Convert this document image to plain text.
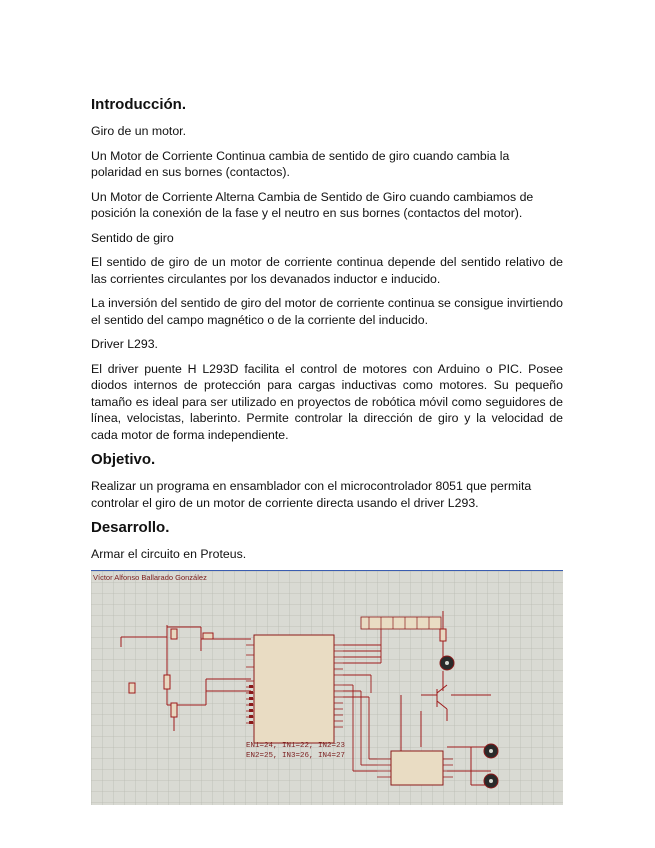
Introducción.

Giro de un motor.

Un Motor de Corriente Continua cambia de sentido de giro cuando cambia la polaridad en sus bornes (contactos).

Un Motor de Corriente Alterna Cambia de Sentido de Giro cuando cambiamos de posición la conexión de la fase y el neutro en sus bornes (contactos del motor).

Sentido de giro

El sentido de giro de un motor de corriente continua depende del sentido relativo de las corrientes circulantes por los devanados inductor e inducido.

La inversión del sentido de giro del motor de corriente continua se consigue invirtiendo el sentido del campo magnético o de la corriente del inducido.

Driver L293.

El driver puente H L293D facilita el control de motores con Arduino o PIC. Posee diodos internos de protección para cargas inductivas como motores. Su pequeño tamaño es ideal para ser utilizado en proyectos de robótica móvil como seguidores de línea, velocistas, laberinto. Permite controlar la dirección de giro y la velocidad de cada motor de forma independiente.

Objetivo.

Realizar un programa en ensamblador con el microcontrolador 8051 que permita controlar el giro de un motor de corriente directa usando el driver L293.

Desarrollo.

Armar el circuito en Proteus.

Víctor Alfonso Ballarado González
EN1=24, IN1=22, IN2=23
EN2=25, IN3=26, IN4=27
